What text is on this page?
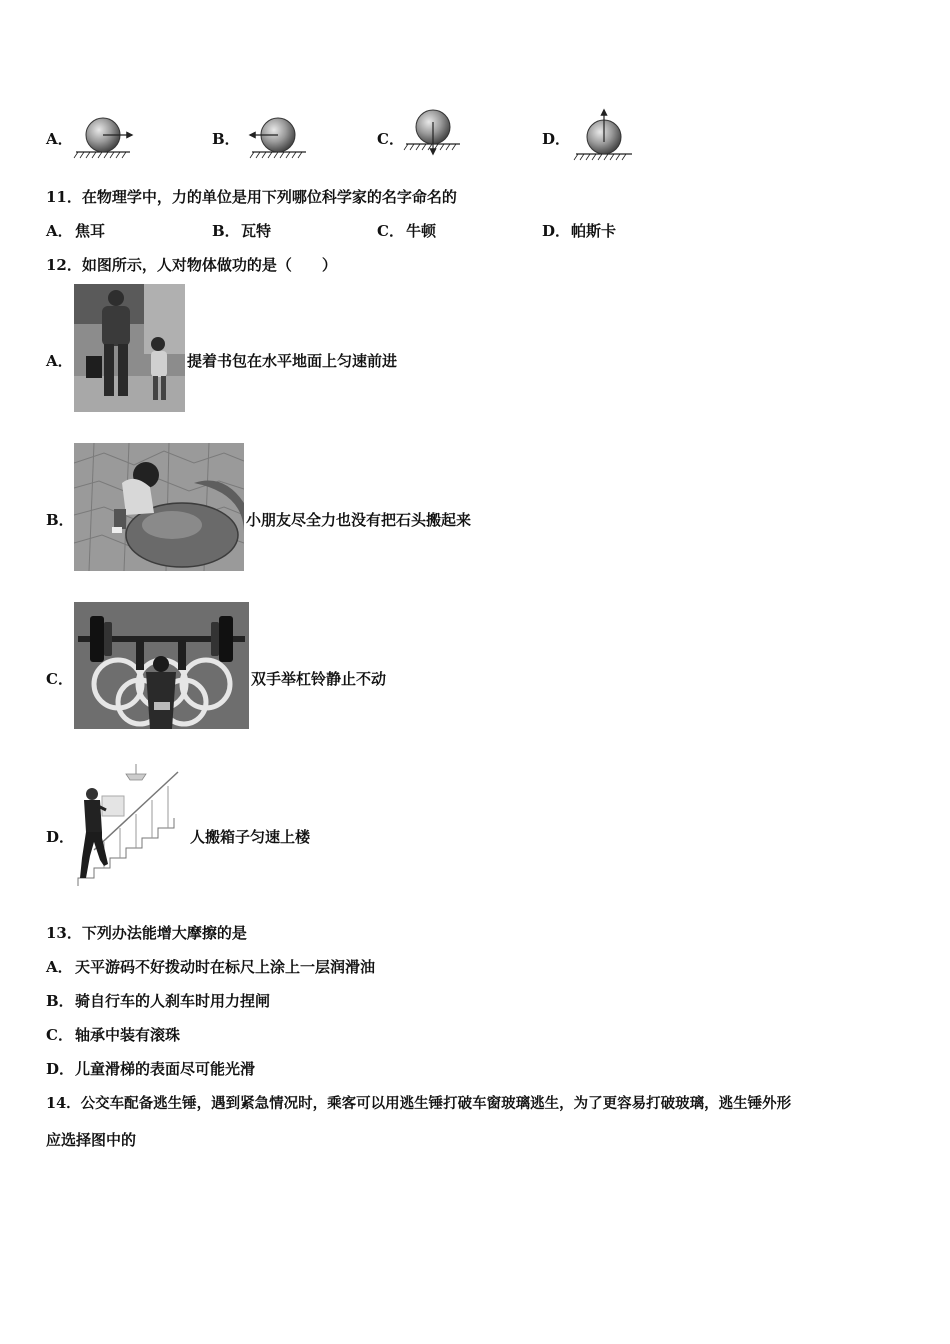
A．	B．	C．	D．
11．在物理学中，力的单位是用下列哪位科学家的名字命名的
A． 焦耳	B． 瓦特	C． 牛顿	D． 帕斯卡
12．如图所示，人对物体做功的是（　　）
A．	提着书包在水平地面上匀速前进
B．	小朋友尽全力也没有把石头搬起来
C．	双手举杠铃静止不动
D．	人搬箱子匀速上楼
13．下列办法能增大摩擦的是
A． 天平游码不好拨动时在标尺上涂上一层润滑油
B． 骑自行车的人刹车时用力捏闸
C． 轴承中装有滚珠
D． 儿童滑梯的表面尽可能光滑
14．公交车配备逃生锤，遇到紧急情况时，乘客可以用逃生锤打破车窗玻璃逃生，为了更容易打破玻璃，逃生锤外形
应选择图中的
